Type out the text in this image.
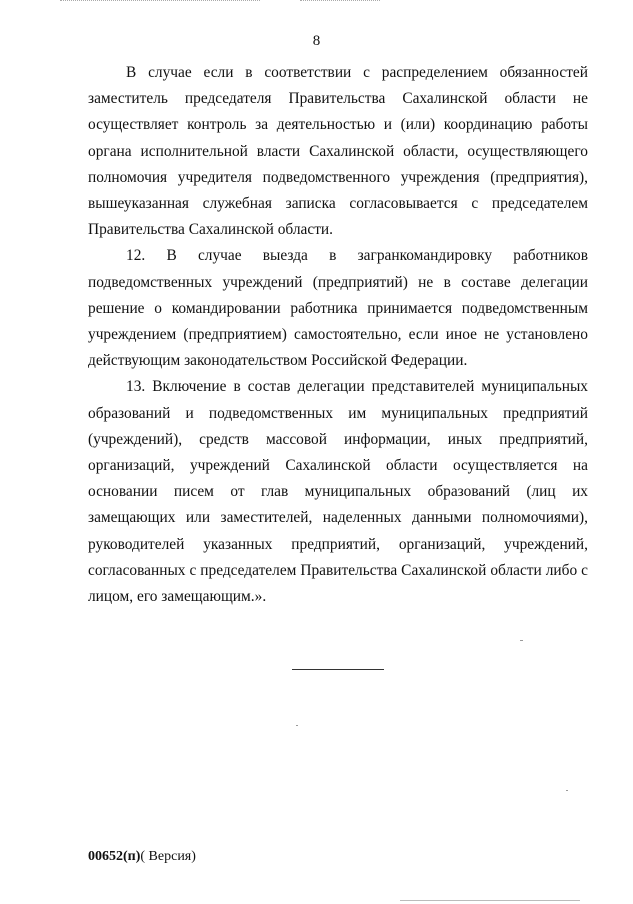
8

В случае если в соответствии с распределением обязанностей заместитель председателя Правительства Сахалинской области не осуществляет контроль за деятельностью и (или) координацию работы органа исполнительной власти Сахалинской области, осуществляющего полномочия учредителя подведомственного учреждения (предприятия), вышеуказанная служебная записка согласовывается с председателем Правительства Сахалинской области.

12. В случае выезда в загранкомандировку работников подведомственных учреждений (предприятий) не в составе делегации решение о командировании работника принимается подведомственным учреждением (предприятием) самостоятельно, если иное не установлено действующим законодательством Российской Федерации.

13. Включение в состав делегации представителей муниципальных образований и подведомственных им муниципальных предприятий (учреждений), средств массовой информации, иных предприятий, организаций, учреждений Сахалинской области осуществляется на основании писем от глав муниципальных образований (лиц их замещающих или заместителей, наделенных данными полномочиями), руководителей указанных предприятий, организаций, учреждений, согласованных с председателем Правительства Сахалинской области либо с лицом, его замещающим.».

00652(п)( Версия)
